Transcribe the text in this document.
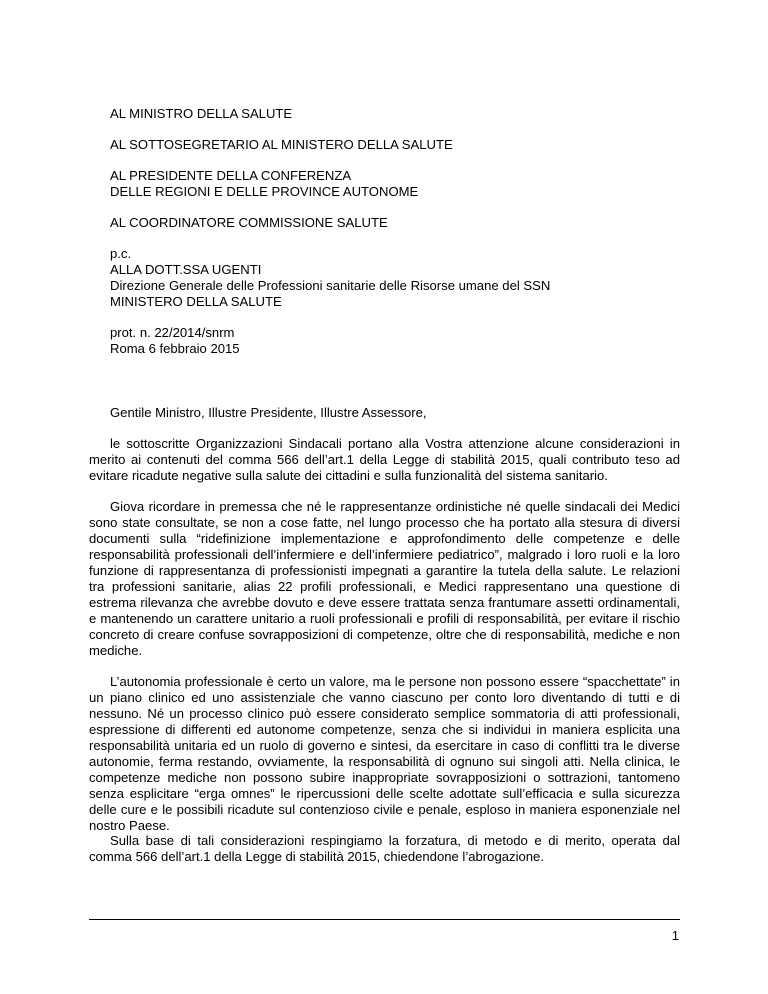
AL MINISTRO DELLA SALUTE

AL SOTTOSEGRETARIO AL MINISTERO DELLA SALUTE

AL PRESIDENTE DELLA CONFERENZA
DELLE REGIONI E DELLE PROVINCE AUTONOME

AL COORDINATORE COMMISSIONE SALUTE

p.c.
ALLA DOTT.SSA UGENTI
Direzione Generale delle Professioni sanitarie delle Risorse umane del SSN
MINISTERO DELLA SALUTE
prot. n. 22/2014/snrm
Roma 6 febbraio 2015

Gentile Ministro, Illustre Presidente, Illustre Assessore,

le sottoscritte Organizzazioni Sindacali portano alla Vostra attenzione alcune considerazioni in merito ai contenuti del comma 566 dell’art.1 della Legge di stabilità 2015, quali contributo teso ad evitare ricadute negative sulla salute dei cittadini e sulla funzionalità del sistema sanitario.

Giova ricordare in premessa che né le rappresentanze ordinistiche né quelle sindacali dei Medici sono state consultate, se non a cose fatte, nel lungo processo che ha portato alla stesura di diversi documenti sulla “ridefinizione implementazione e approfondimento delle competenze e delle responsabilità professionali dell’infermiere e dell’infermiere pediatrico”, malgrado i loro ruoli e la loro funzione di rappresentanza di professionisti impegnati a garantire la tutela della salute. Le relazioni tra professioni sanitarie, alias 22 profili professionali, e Medici rappresentano una questione di estrema rilevanza che avrebbe dovuto e deve essere trattata senza frantumare assetti ordinamentali, e mantenendo un carattere unitario a ruoli professionali e profili di responsabilità, per evitare il rischio concreto di creare confuse sovrapposizioni di competenze, oltre che di responsabilità, mediche e non mediche.

L’autonomia professionale è certo un valore, ma le persone non possono essere “spacchettate” in un piano clinico ed uno assistenziale che vanno ciascuno per conto loro diventando di tutti e di nessuno. Né un processo clinico può essere considerato semplice sommatoria di atti professionali, espressione di differenti ed autonome competenze, senza che si individui in maniera esplicita una responsabilità unitaria ed un ruolo di governo e sintesi, da esercitare in caso di conflitti tra le diverse autonomie, ferma restando, ovviamente, la responsabilità di ognuno sui singoli atti. Nella clinica, le competenze mediche non possono subire inappropriate sovrapposizioni o sottrazioni, tantomeno senza esplicitare “erga omnes” le ripercussioni delle scelte adottate sull’efficacia e sulla sicurezza delle cure e le possibili ricadute sul contenzioso civile e penale, esploso in maniera esponenziale nel nostro Paese.

Sulla base di tali considerazioni respingiamo la forzatura, di metodo e di merito, operata dal comma 566 dell’art.1 della Legge di stabilità 2015, chiedendone l’abrogazione.

1
